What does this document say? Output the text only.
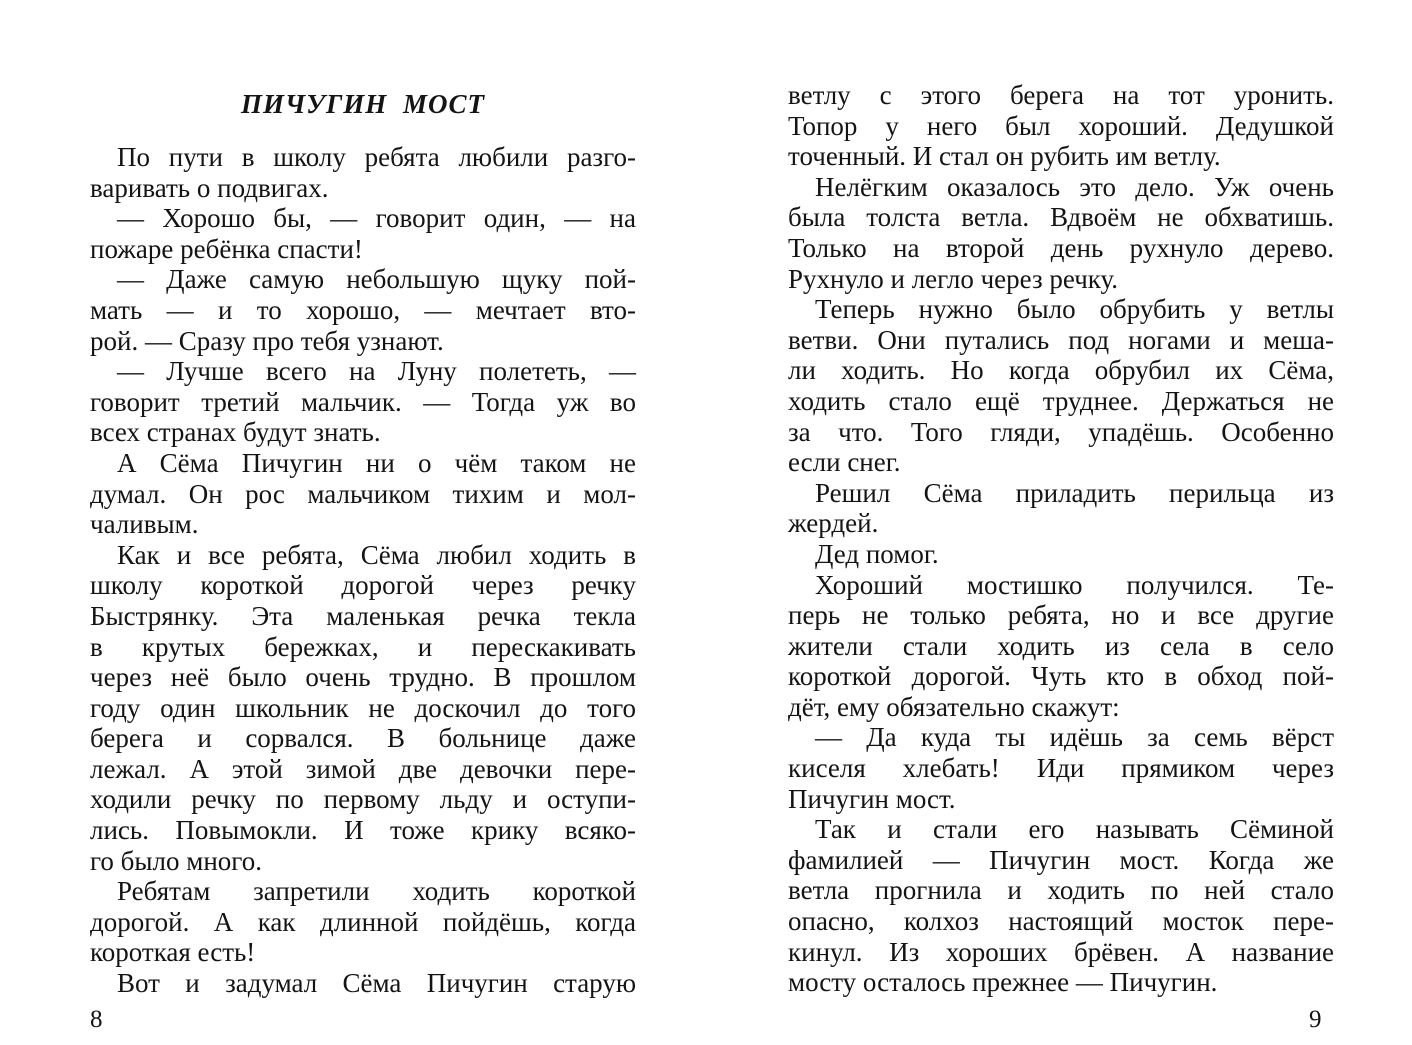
ПИЧУГИН МОСТ
По пути в школу ребята любили разго-
варивать о подвигах.
— Хорошо бы, — говорит один, — на
пожаре ребёнка спасти!
— Даже самую небольшую щуку пой-
мать — и то хорошо, — мечтает вто-
рой. — Сразу про тебя узнают.
— Лучше всего на Луну полететь, —
говорит третий мальчик. — Тогда уж во
всех странах будут знать.
А Сёма Пичугин ни о чём таком не
думал. Он рос мальчиком тихим и мол-
чаливым.
Как и все ребята, Сёма любил ходить в
школу короткой дорогой через речку
Быстрянку. Эта маленькая речка текла
в крутых бережках, и перескакивать
через неё было очень трудно. В прошлом
году один школьник не доскочил до того
берега и сорвался. В больнице даже
лежал. А этой зимой две девочки пере-
ходили речку по первому льду и оступи-
лись. Повымокли. И тоже крику всяко-
го было много.
Ребятам запретили ходить короткой
дорогой. А как длинной пойдёшь, когда
короткая есть!
Вот и задумал Сёма Пичугин старую
8
ветлу с этого берега на тот уронить.
Топор у него был хороший. Дедушкой
точенный. И стал он рубить им ветлу.
Нелёгким оказалось это дело. Уж очень
была толста ветла. Вдвоём не обхватишь.
Только на второй день рухнуло дерево.
Рухнуло и легло через речку.
Теперь нужно было обрубить у ветлы
ветви. Они путались под ногами и меша-
ли ходить. Но когда обрубил их Сёма,
ходить стало ещё труднее. Держаться не
за что. Того гляди, упадёшь. Особенно
если снег.
Решил Сёма приладить перильца из
жердей.
Дед помог.
Хороший мостишко получился. Те-
перь не только ребята, но и все другие
жители стали ходить из села в село
короткой дорогой. Чуть кто в обход пой-
дёт, ему обязательно скажут:
— Да куда ты идёшь за семь вёрст
киселя хлебать! Иди прямиком через
Пичугин мост.
Так и стали его называть Сёминой
фамилией — Пичугин мост. Когда же
ветла прогнила и ходить по ней стало
опасно, колхоз настоящий мосток пере-
кинул. Из хороших брёвен. А название
мосту осталось прежнее — Пичугин.
9
